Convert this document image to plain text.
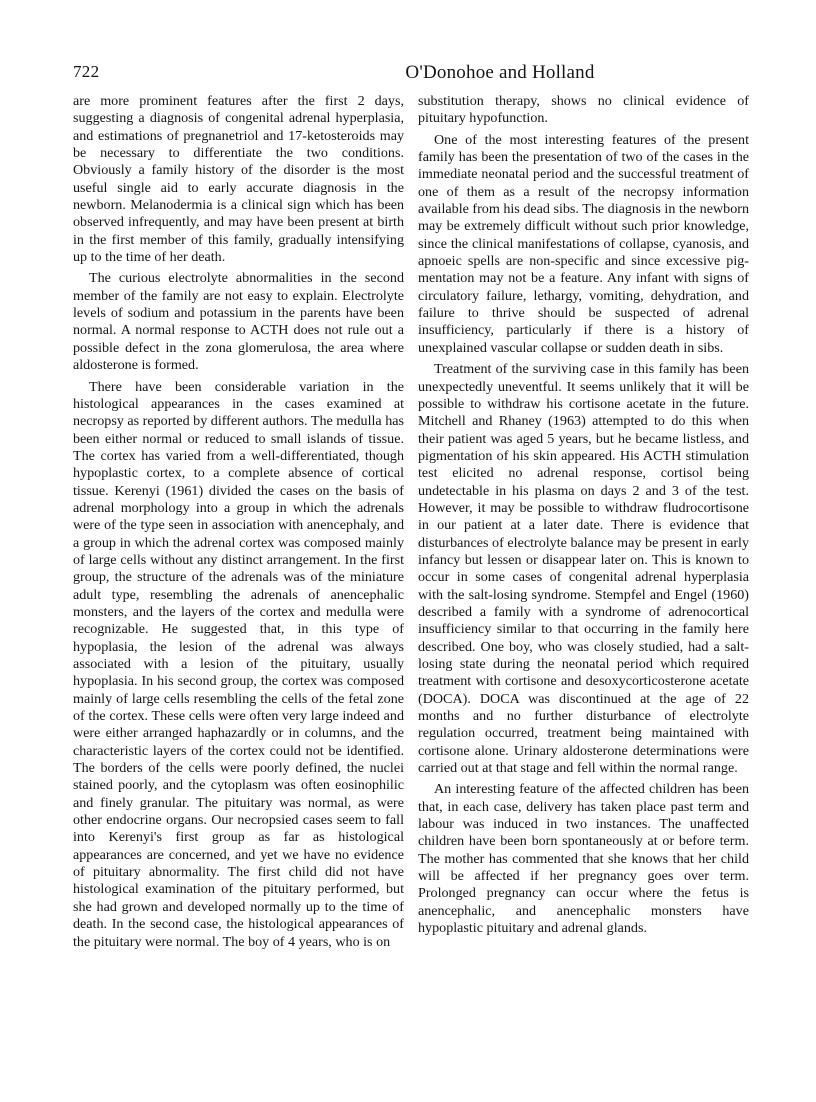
722	O'Donohoe and Holland

are more prominent features after the first 2 days, suggesting a diagnosis of congenital adrenal hyperplasia, and estimations of pregnanetriol and 17-ketosteroids may be necessary to differentiate the two conditions. Obviously a family history of the disorder is the most useful single aid to early accurate diagnosis in the newborn. Melanodermia is a clinical sign which has been observed infrequently, and may have been present at birth in the first member of this family, gradually intensifying up to the time of her death.

The curious electrolyte abnormalities in the second member of the family are not easy to explain. Electrolyte levels of sodium and potassium in the parents have been normal. A normal response to ACTH does not rule out a possible defect in the zona glomerulosa, the area where aldosterone is formed.

There have been considerable variation in the histological appearances in the cases examined at necropsy as reported by different authors. The medulla has been either normal or reduced to small islands of tissue. The cortex has varied from a well-differentiated, though hypoplastic cortex, to a complete absence of cortical tissue. Kerenyi (1961) divided the cases on the basis of adrenal morphology into a group in which the adrenals were of the type seen in association with anencephaly, and a group in which the adrenal cortex was composed mainly of large cells without any distinct arrangement. In the first group, the structure of the adrenals was of the miniature adult type, resembling the adrenals of anencephalic monsters, and the layers of the cortex and medulla were recognizable. He suggested that, in this type of hypoplasia, the lesion of the adrenal was always associated with a lesion of the pituitary, usually hypoplasia. In his second group, the cortex was composed mainly of large cells resembling the cells of the fetal zone of the cortex. These cells were often very large indeed and were either arranged haphazardly or in columns, and the characteristic layers of the cortex could not be identified. The borders of the cells were poorly defined, the nuclei stained poorly, and the cytoplasm was often eosinophilic and finely granular. The pituitary was normal, as were other endocrine organs. Our necropsied cases seem to fall into Kerenyi's first group as far as histological appearances are concerned, and yet we have no evidence of pituitary abnormality. The first child did not have histological examination of the pituitary performed, but she had grown and developed normally up to the time of death. In the second case, the histological appearances of the pituitary were normal. The boy of 4 years, who is on

substitution therapy, shows no clinical evidence of pituitary hypofunction.

One of the most interesting features of the present family has been the presentation of two of the cases in the immediate neonatal period and the successful treatment of one of them as a result of the necropsy information available from his dead sibs. The diagnosis in the newborn may be extremely difficult without such prior knowledge, since the clinical manifestations of collapse, cyanosis, and apnoeic spells are non-specific and since excessive pigmentation may not be a feature. Any infant with signs of circulatory failure, lethargy, vomiting, dehydration, and failure to thrive should be suspected of adrenal insufficiency, particularly if there is a history of unexplained vascular collapse or sudden death in sibs.

Treatment of the surviving case in this family has been unexpectedly uneventful. It seems unlikely that it will be possible to withdraw his cortisone acetate in the future. Mitchell and Rhaney (1963) attempted to do this when their patient was aged 5 years, but he became listless, and pigmentation of his skin appeared. His ACTH stimulation test elicited no adrenal response, cortisol being undetectable in his plasma on days 2 and 3 of the test. However, it may be possible to withdraw fludrocortisone in our patient at a later date. There is evidence that disturbances of electrolyte balance may be present in early infancy but lessen or disappear later on. This is known to occur in some cases of congenital adrenal hyperplasia with the salt-losing syndrome. Stempfel and Engel (1960) described a family with a syndrome of adrenocortical insufficiency similar to that occurring in the family here described. One boy, who was closely studied, had a salt-losing state during the neonatal period which required treatment with cortisone and desoxycorticosterone acetate (DOCA). DOCA was discontinued at the age of 22 months and no further disturbance of electrolyte regulation occurred, treatment being maintained with cortisone alone. Urinary aldosterone determinations were carried out at that stage and fell within the normal range.

An interesting feature of the affected children has been that, in each case, delivery has taken place past term and labour was induced in two instances. The unaffected children have been born spontaneously at or before term. The mother has commented that she knows that her child will be affected if her pregnancy goes over term. Prolonged pregnancy can occur where the fetus is anencephalic, and anencephalic monsters have hypoplastic pituitary and adrenal glands.
